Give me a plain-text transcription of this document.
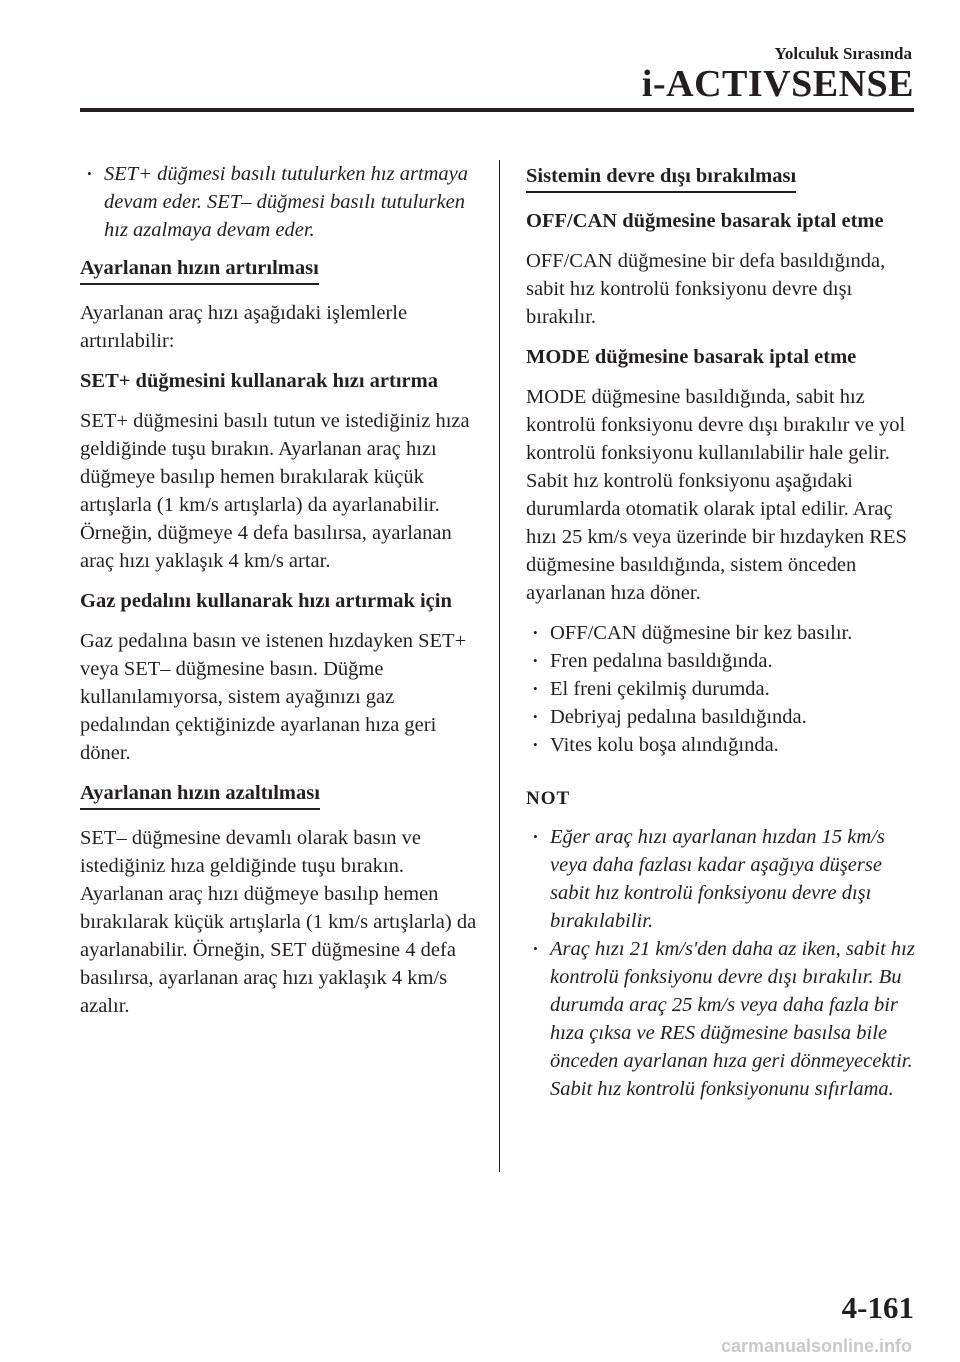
Yolculuk Sırasında
i-ACTIVSENSE
• SET+ düğmesi basılı tutulurken hız artmaya devam eder. SET– düğmesi basılı tutulurken hız azalmaya devam eder.
Ayarlanan hızın artırılması

Ayarlanan araç hızı aşağıdaki işlemlerle artırılabilir:

SET+ düğmesini kullanarak hızı artırma

SET+ düğmesini basılı tutun ve istediğiniz hıza geldiğinde tuşu bırakın. Ayarlanan araç hızı düğmeye basılıp hemen bırakılarak küçük artışlarla (1 km/s artışlarla) da ayarlanabilir. Örneğin, düğmeye 4 defa basılırsa, ayarlanan araç hızı yaklaşık 4 km/s artar.

Gaz pedalını kullanarak hızı artırmak için

Gaz pedalına basın ve istenen hızdayken SET+ veya SET– düğmesine basın. Düğme kullanılamıyorsa, sistem ayağınızı gaz pedalından çektiğinizde ayarlanan hıza geri döner.

Ayarlanan hızın azaltılması

SET– düğmesine devamlı olarak basın ve istediğiniz hıza geldiğinde tuşu bırakın. Ayarlanan araç hızı düğmeye basılıp hemen bırakılarak küçük artışlarla (1 km/s artışlarla) da ayarlanabilir. Örneğin, SET düğmesine 4 defa basılırsa, ayarlanan araç hızı yaklaşık 4 km/s azalır.

Sistemin devre dışı bırakılması

OFF/CAN düğmesine basarak iptal etme

OFF/CAN düğmesine bir defa basıldığında, sabit hız kontrolü fonksiyonu devre dışı bırakılır.

MODE düğmesine basarak iptal etme

MODE düğmesine basıldığında, sabit hız kontrolü fonksiyonu devre dışı bırakılır ve yol kontrolü fonksiyonu kullanılabilir hale gelir.

Sabit hız kontrolü fonksiyonu aşağıdaki durumlarda otomatik olarak iptal edilir. Araç hızı 25 km/s veya üzerinde bir hızdayken RES düğmesine basıldığında, sistem önceden ayarlanan hıza döner.

• OFF/CAN düğmesine bir kez basılır.
• Fren pedalına basıldığında.
• El freni çekilmiş durumda.
• Debriyaj pedalına basıldığında.
• Vites kolu boşa alındığında.

NOT

• Eğer araç hızı ayarlanan hızdan 15 km/s veya daha fazlası kadar aşağıya düşerse sabit hız kontrolü fonksiyonu devre dışı bırakılabilir.
• Araç hızı 21 km/s'den daha az iken, sabit hız kontrolü fonksiyonu devre dışı bırakılır. Bu durumda araç 25 km/s veya daha fazla bir hıza çıksa ve RES düğmesine basılsa bile önceden ayarlanan hıza geri dönmeyecektir. Sabit hız kontrolü fonksiyonunu sıfırlama.
4-161
carmanualsonline.info
